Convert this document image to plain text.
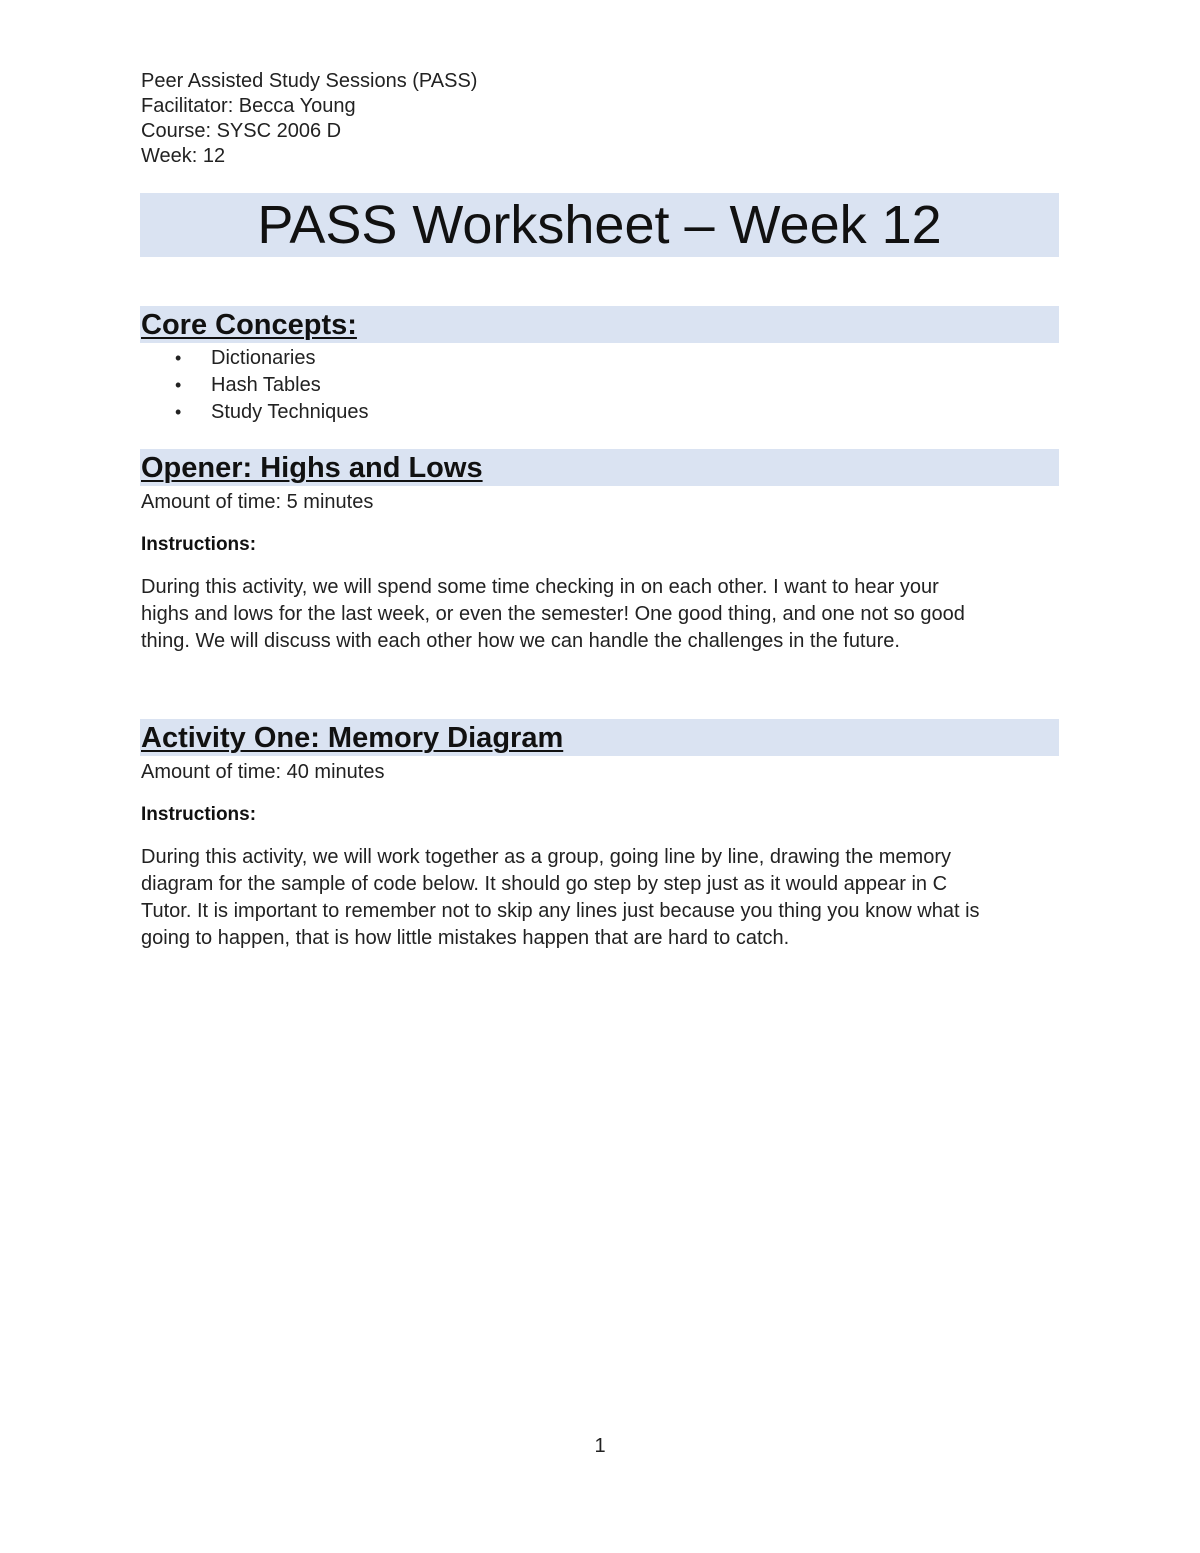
Peer Assisted Study Sessions (PASS)
Facilitator: Becca Young
Course: SYSC 2006 D
Week: 12
PASS Worksheet – Week 12
Core Concepts:
• Dictionaries
• Hash Tables
• Study Techniques
Opener: Highs and Lows
Amount of time: 5 minutes
Instructions:
During this activity, we will spend some time checking in on each other. I want to hear your
highs and lows for the last week, or even the semester! One good thing, and one not so good
thing. We will discuss with each other how we can handle the challenges in the future.
Activity One: Memory Diagram
Amount of time: 40 minutes
Instructions:
During this activity, we will work together as a group, going line by line, drawing the memory
diagram for the sample of code below. It should go step by step just as it would appear in C
Tutor. It is important to remember not to skip any lines just because you thing you know what is
going to happen, that is how little mistakes happen that are hard to catch.
1
